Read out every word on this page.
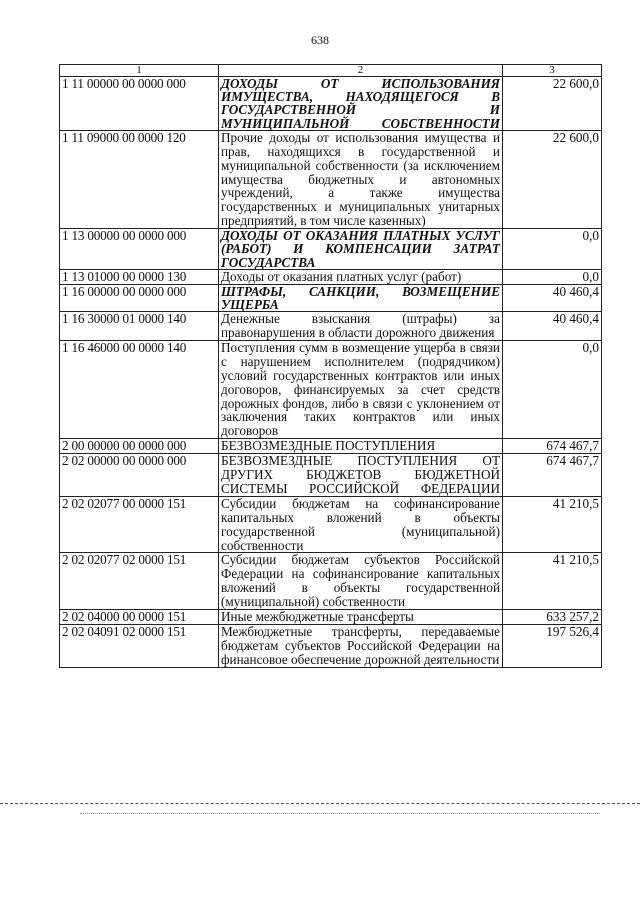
638
1	2	3
1 11 00000 00 0000 000	ДОХОДЫ ОТ ИСПОЛЬЗОВАНИЯ ИМУЩЕСТВА, НАХОДЯЩЕГОСЯ В ГОСУДАРСТВЕННОЙ И МУНИЦИПАЛЬНОЙ СОБСТВЕННОСТИ	22 600,0
1 11 09000 00 0000 120	Прочие доходы от использования имущества и прав, находящихся в государственной и муниципальной собственности (за исключением имущества бюджетных и автономных учреждений, а также имущества государственных и муниципальных унитарных предприятий, в том числе казенных)	22 600,0
1 13 00000 00 0000 000	ДОХОДЫ ОТ ОКАЗАНИЯ ПЛАТНЫХ УСЛУГ (РАБОТ) И КОМПЕНСАЦИИ ЗАТРАТ ГОСУДАРСТВА	0,0
1 13 01000 00 0000 130	Доходы от оказания платных услуг (работ)	0,0
1 16 00000 00 0000 000	ШТРАФЫ, САНКЦИИ, ВОЗМЕЩЕНИЕ УЩЕРБА	40 460,4
1 16 30000 01 0000 140	Денежные взыскания (штрафы) за правонарушения в области дорожного движения	40 460,4
1 16 46000 00 0000 140	Поступления сумм в возмещение ущерба в связи с нарушением исполнителем (подрядчиком) условий государственных контрактов или иных договоров, финансируемых за счет средств дорожных фондов, либо в связи с уклонением от заключения таких контрактов или иных договоров	0,0
2 00 00000 00 0000 000	БЕЗВОЗМЕЗДНЫЕ ПОСТУПЛЕНИЯ	674 467,7
2 02 00000 00 0000 000	БЕЗВОЗМЕЗДНЫЕ ПОСТУПЛЕНИЯ ОТ ДРУГИХ БЮДЖЕТОВ БЮДЖЕТНОЙ СИСТЕМЫ РОССИЙСКОЙ ФЕДЕРАЦИИ	674 467,7
2 02 02077 00 0000 151	Субсидии бюджетам на софинансирование капитальных вложений в объекты государственной (муниципальной) собственности	41 210,5
2 02 02077 02 0000 151	Субсидии бюджетам субъектов Российской Федерации на софинансирование капитальных вложений в объекты государственной (муниципальной) собственности	41 210,5
2 02 04000 00 0000 151	Иные межбюджетные трансферты	633 257,2
2 02 04091 02 0000 151	Межбюджетные трансферты, передаваемые бюджетам субъектов Российской Федерации на финансовое обеспечение дорожной деятельности	197 526,4
